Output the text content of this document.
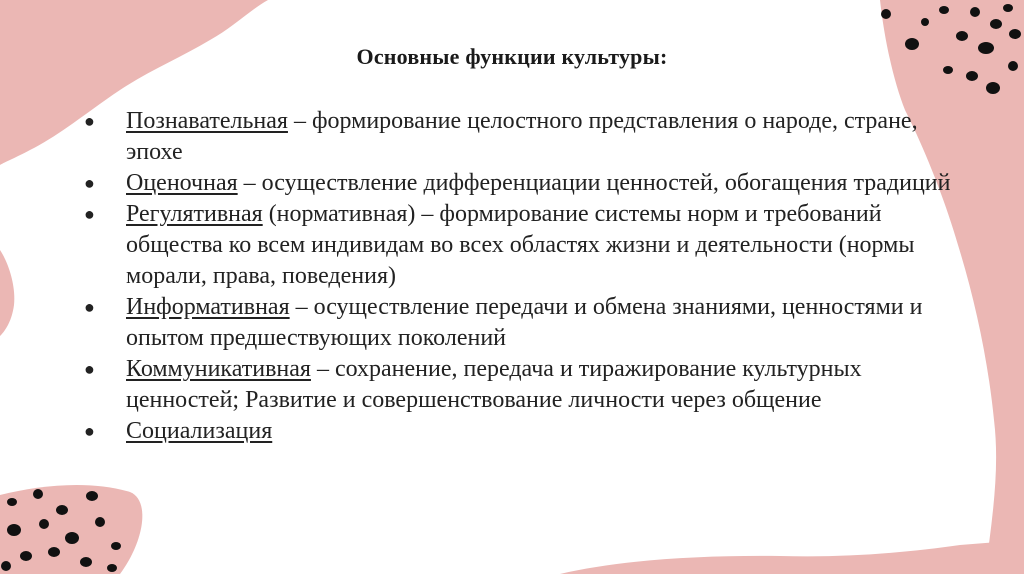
Основные функции культуры:
● Познавательная – формирование целостного представления о народе, стране, эпохе
● Оценочная – осуществление дифференциации ценностей, обогащения традиций
● Регулятивная (нормативная) – формирование системы норм и требований общества ко всем индивидам во всех областях жизни и деятельности (нормы морали, права, поведения)
● Информативная – осуществление передачи и обмена знаниями, ценностями и опытом предшествующих поколений
● Коммуникативная – сохранение, передача и тиражирование культурных ценностей; Развитие и совершенствование личности через общение
● Социализация
